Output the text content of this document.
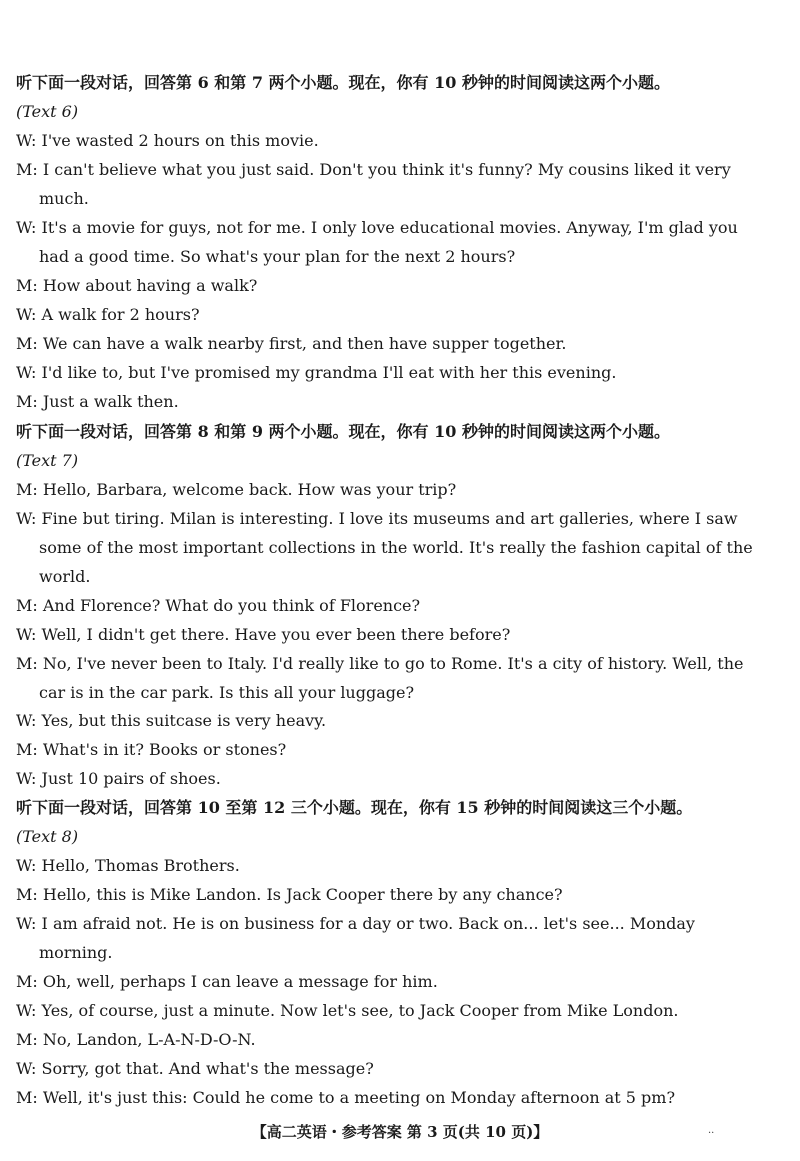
听下面一段对话，回答第 6 和第 7 两个小题。现在，你有 10 秒钟的时间阅读这两个小题。
(Text 6)
W: I've wasted 2 hours on this movie.
M: I can't believe what you just said. Don't you think it's funny? My cousins liked it very
much.
W: It's a movie for guys, not for me. I only love educational movies. Anyway, I'm glad you
had a good time. So what's your plan for the next 2 hours?
M: How about having a walk?
W: A walk for 2 hours?
M: We can have a walk nearby first, and then have supper together.
W: I'd like to, but I've promised my grandma I'll eat with her this evening.
M: Just a walk then.
听下面一段对话，回答第 8 和第 9 两个小题。现在，你有 10 秒钟的时间阅读这两个小题。
(Text 7)
M: Hello, Barbara, welcome back. How was your trip?
W: Fine but tiring. Milan is interesting. I love its museums and art galleries, where I saw
some of the most important collections in the world. It's really the fashion capital of the
world.
M: And Florence? What do you think of Florence?
W: Well, I didn't get there. Have you ever been there before?
M: No, I've never been to Italy. I'd really like to go to Rome. It's a city of history. Well, the
car is in the car park. Is this all your luggage?
W: Yes, but this suitcase is very heavy.
M: What's in it? Books or stones?
W: Just 10 pairs of shoes.
听下面一段对话，回答第 10 至第 12 三个小题。现在，你有 15 秒钟的时间阅读这三个小题。
(Text 8)
W: Hello, Thomas Brothers.
M: Hello, this is Mike Landon. Is Jack Cooper there by any chance?
W: I am afraid not. He is on business for a day or two. Back on... let's see... Monday
morning.
M: Oh, well, perhaps I can leave a message for him.
W: Yes, of course, just a minute. Now let's see, to Jack Cooper from Mike London.
M: No, Landon, L-A-N-D-O-N.
W: Sorry, got that. And what's the message?
M: Well, it's just this: Could he come to a meeting on Monday afternoon at 5 pm?
【高二英语・参考答案 第 3 页(共 10 页)】	··
